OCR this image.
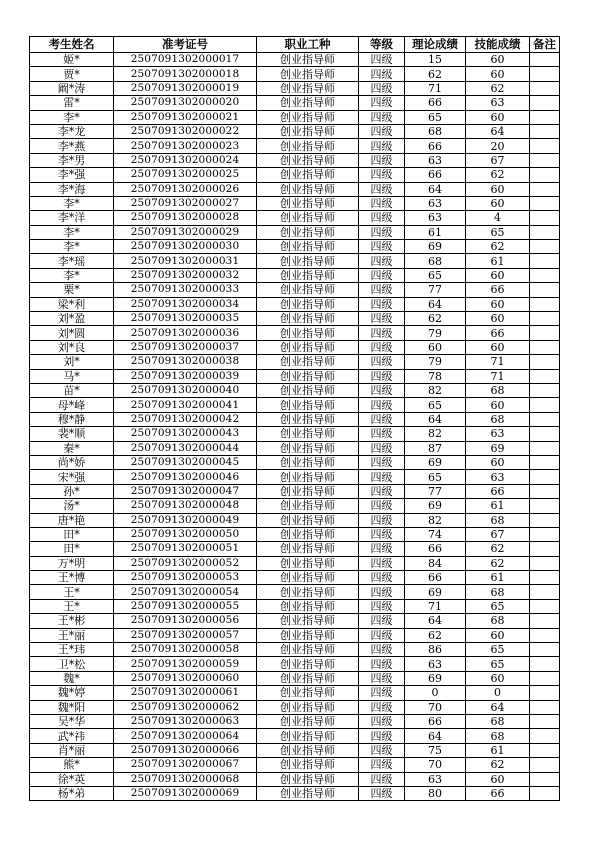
考生姓名	准考证号	职业工种	等级	理论成绩	技能成绩	备注
姬*	2507091302000017	创业指导师	四级	15	60	
贾*	2507091302000018	创业指导师	四级	62	60	
阚*涛	2507091302000019	创业指导师	四级	71	62	
雷*	2507091302000020	创业指导师	四级	66	63	
李*	2507091302000021	创业指导师	四级	65	60	
李*龙	2507091302000022	创业指导师	四级	68	64	
李*燕	2507091302000023	创业指导师	四级	66	20	
李*男	2507091302000024	创业指导师	四级	63	67	
李*强	2507091302000025	创业指导师	四级	66	62	
李*海	2507091302000026	创业指导师	四级	64	60	
李*	2507091302000027	创业指导师	四级	63	60	
李*洋	2507091302000028	创业指导师	四级	63	4	
李*	2507091302000029	创业指导师	四级	61	65	
李*	2507091302000030	创业指导师	四级	69	62	
李*瑶	2507091302000031	创业指导师	四级	68	61	
李*	2507091302000032	创业指导师	四级	65	60	
栗*	2507091302000033	创业指导师	四级	77	66	
梁*利	2507091302000034	创业指导师	四级	64	60	
刘*盈	2507091302000035	创业指导师	四级	62	60	
刘*圆	2507091302000036	创业指导师	四级	79	66	
刘*良	2507091302000037	创业指导师	四级	60	60	
刘*	2507091302000038	创业指导师	四级	79	71	
马*	2507091302000039	创业指导师	四级	78	71	
苗*	2507091302000040	创业指导师	四级	82	68	
母*峰	2507091302000041	创业指导师	四级	65	60	
穆*静	2507091302000042	创业指导师	四级	64	68	
裴*顺	2507091302000043	创业指导师	四级	82	63	
秦*	2507091302000044	创业指导师	四级	87	69	
尚*娇	2507091302000045	创业指导师	四级	69	60	
宋*强	2507091302000046	创业指导师	四级	65	63	
孙*	2507091302000047	创业指导师	四级	77	66	
汤*	2507091302000048	创业指导师	四级	69	61	
唐*艳	2507091302000049	创业指导师	四级	82	68	
田*	2507091302000050	创业指导师	四级	74	67	
田*	2507091302000051	创业指导师	四级	66	62	
万*明	2507091302000052	创业指导师	四级	84	62	
王*博	2507091302000053	创业指导师	四级	66	61	
王*	2507091302000054	创业指导师	四级	69	68	
王*	2507091302000055	创业指导师	四级	71	65	
王*彬	2507091302000056	创业指导师	四级	64	68	
王*丽	2507091302000057	创业指导师	四级	62	60	
王*玮	2507091302000058	创业指导师	四级	86	65	
卫*松	2507091302000059	创业指导师	四级	63	65	
魏*	2507091302000060	创业指导师	四级	69	60	
魏*婷	2507091302000061	创业指导师	四级	0	0	
魏*阳	2507091302000062	创业指导师	四级	70	64	
吴*华	2507091302000063	创业指导师	四级	66	68	
武*祎	2507091302000064	创业指导师	四级	64	68	
肖*丽	2507091302000066	创业指导师	四级	75	61	
熊*	2507091302000067	创业指导师	四级	70	62	
徐*英	2507091302000068	创业指导师	四级	63	60	
杨*弟	2507091302000069	创业指导师	四级	80	66	
